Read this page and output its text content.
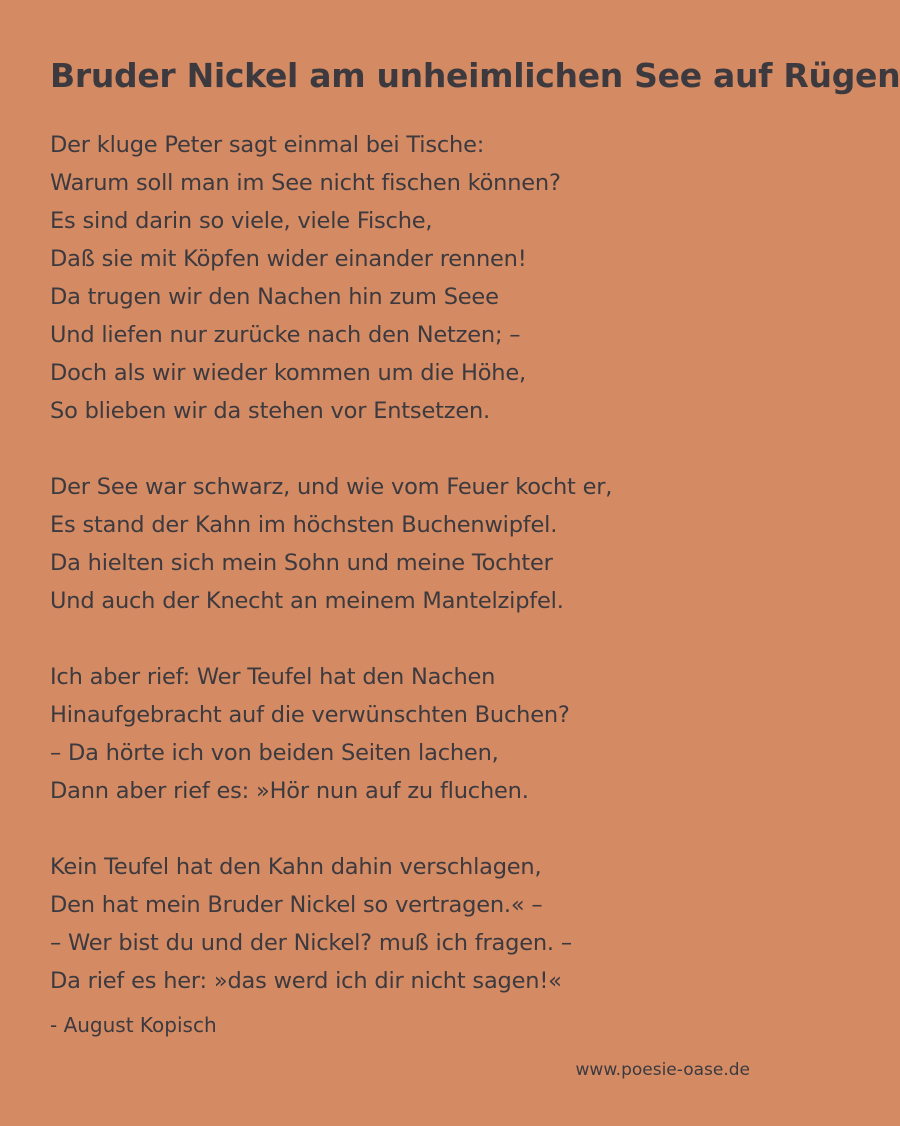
Bruder Nickel am unheimlichen See auf Rügen
Der kluge Peter sagt einmal bei Tische:
Warum soll man im See nicht fischen können?
Es sind darin so viele, viele Fische,
Daß sie mit Köpfen wider einander rennen!
Da trugen wir den Nachen hin zum Seee
Und liefen nur zurücke nach den Netzen; –
Doch als wir wieder kommen um die Höhe,
So blieben wir da stehen vor Entsetzen.
Der See war schwarz, und wie vom Feuer kocht er,
Es stand der Kahn im höchsten Buchenwipfel.
Da hielten sich mein Sohn und meine Tochter
Und auch der Knecht an meinem Mantelzipfel.
Ich aber rief: Wer Teufel hat den Nachen
Hinaufgebracht auf die verwünschten Buchen?
– Da hörte ich von beiden Seiten lachen,
Dann aber rief es: »Hör nun auf zu fluchen.
Kein Teufel hat den Kahn dahin verschlagen,
Den hat mein Bruder Nickel so vertragen.« –
– Wer bist du und der Nickel? muß ich fragen. –
Da rief es her: »das werd ich dir nicht sagen!«
- August Kopisch
www.poesie-oase.de
